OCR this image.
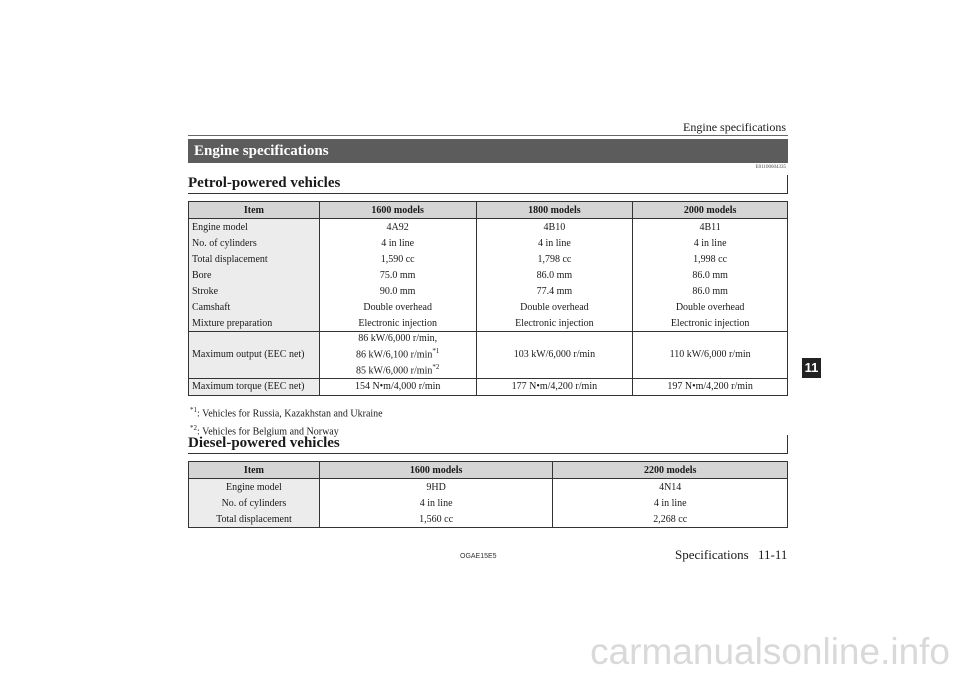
Engine specifications
Engine specifications
E01100604335
Petrol-powered vehicles
Item	1600 models	1800 models	2000 models
Engine model	4A92	4B10	4B11
No. of cylinders	4 in line	4 in line	4 in line
Total displacement	1,590 cc	1,798 cc	1,998 cc
Bore	75.0 mm	86.0 mm	86.0 mm
Stroke	90.0 mm	77.4 mm	86.0 mm
Camshaft	Double overhead	Double overhead	Double overhead
Mixture preparation	Electronic injection	Electronic injection	Electronic injection
Maximum output (EEC net)	86 kW/6,000 r/min,
86 kW/6,100 $r/\min^{*1}$
85 kW/6,000 $r/\min^{*2}$	103 kW/6,000 r/min	110 kW/6,000 r/min
Maximum torque (EEC net)	154 N•m/4,000 r/min	177 N•m/4,200 r/min	197 N•m/4,200 r/min
$^{*1}$: Vehicles for Russia, Kazakhstan and Ukraine
$^{*2}$: Vehicles for Belgium and Norway
Diesel-powered vehicles
Item	1600 models	2200 models
Engine model	9HD	4N14
No. of cylinders	4 in line	4 in line
Total displacement	1,560 cc	2,268 cc
11
OGAE15E5	Specifications 11-11
carmanualsonline.info
